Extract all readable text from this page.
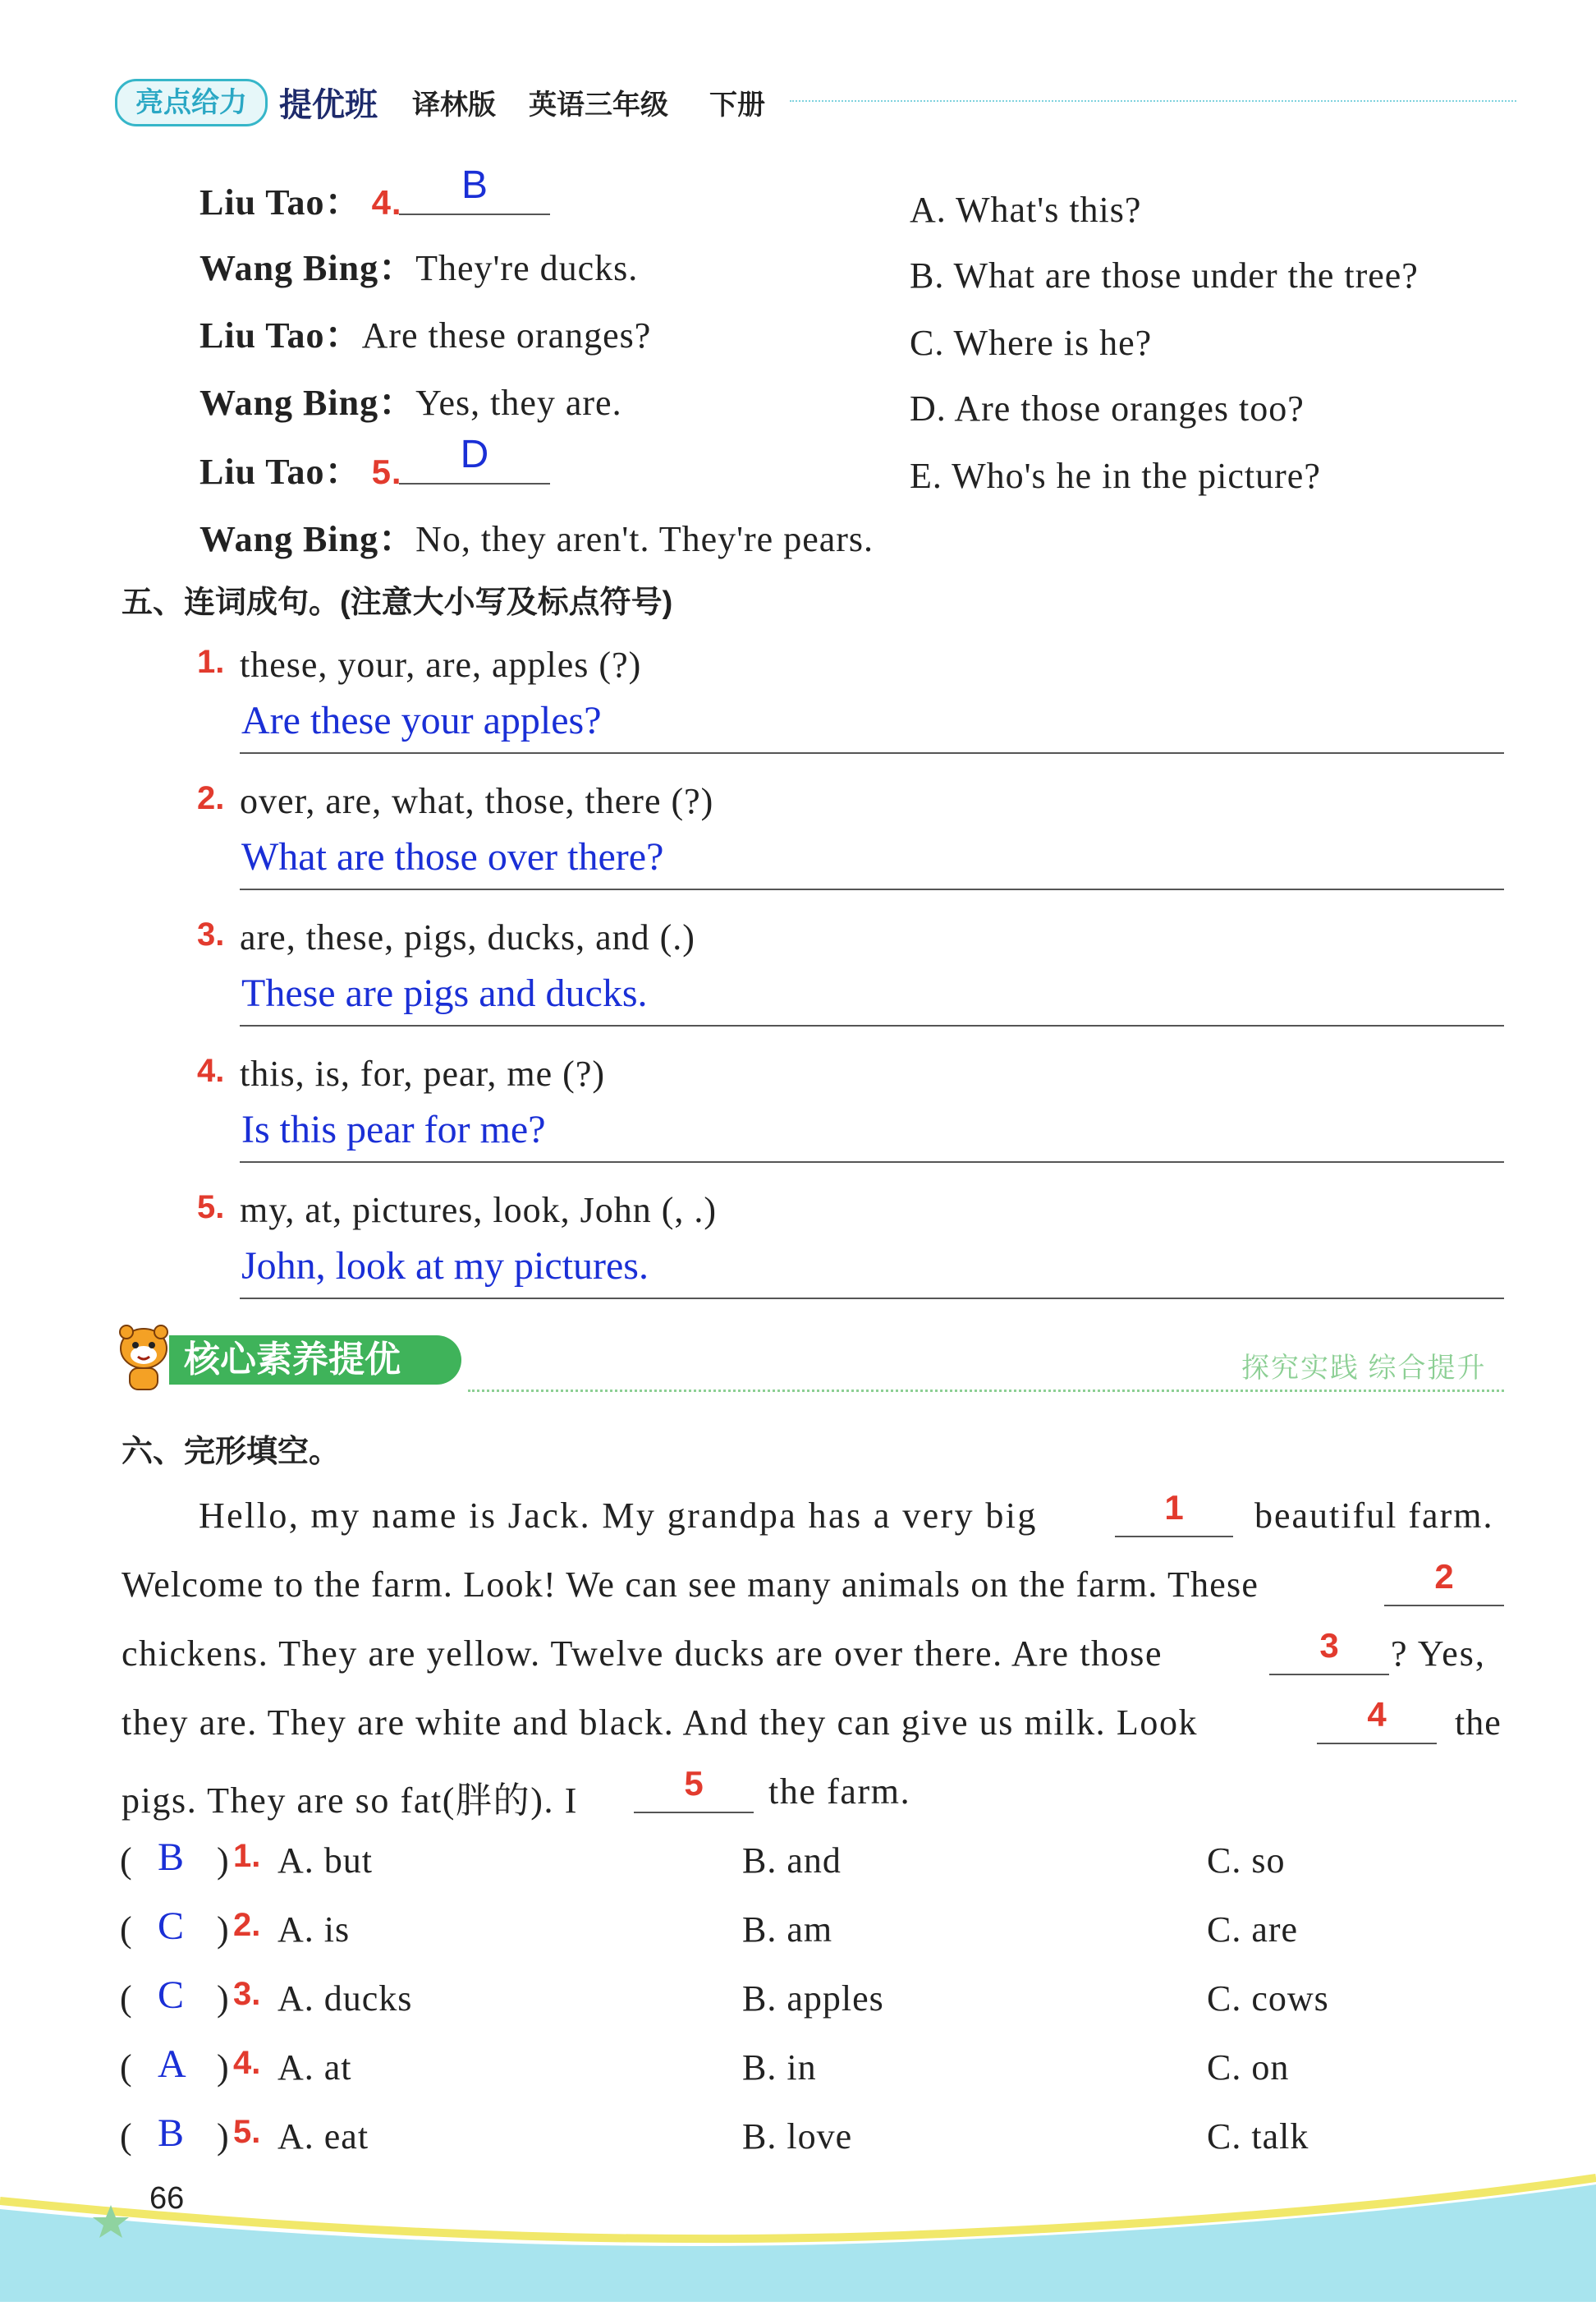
亮点给力 提优班 译林版 英语三年级 下册
Liu Tao： 4.	B
Wang Bing：They're ducks.
Liu Tao：Are these oranges?
Wang Bing：Yes, they are.
Liu Tao： 5.	D
Wang Bing：No, they aren't. They're pears.
A. What's this?
B. What are those under the tree?
C. Where is he?
D. Are those oranges too?
E. Who's he in the picture?
五、连词成句。(注意大小写及标点符号)
1. these, your, are, apples (?)
Are these your apples?
2. over, are, what, those, there (?)
What are those over there?
3. are, these, pigs, ducks, and (.)
These are pigs and ducks.
4. this, is, for, pear, me (?)
Is this pear for me?
5. my, at, pictures, look, John (, .)
John, look at my pictures.
核心素养提优	探究实践 综合提升
六、完形填空。
Hello, my name is Jack. My grandpa has a very big	1	beautiful farm.
Welcome to the farm. Look! We can see many animals on the farm. These	2
chickens. They are yellow. Twelve ducks are over there. Are those	3	? Yes,
they are. They are white and black. And they can give us milk. Look	4	the
pigs. They are so fat(胖的). I	5	the farm.
( B ) 1. A. but	B. and	C. so
( C ) 2. A. is	B. am	C. are
( C ) 3. A. ducks	B. apples	C. cows
( A ) 4. A. at	B. in	C. on
( B ) 5. A. eat	B. love	C. talk
66
